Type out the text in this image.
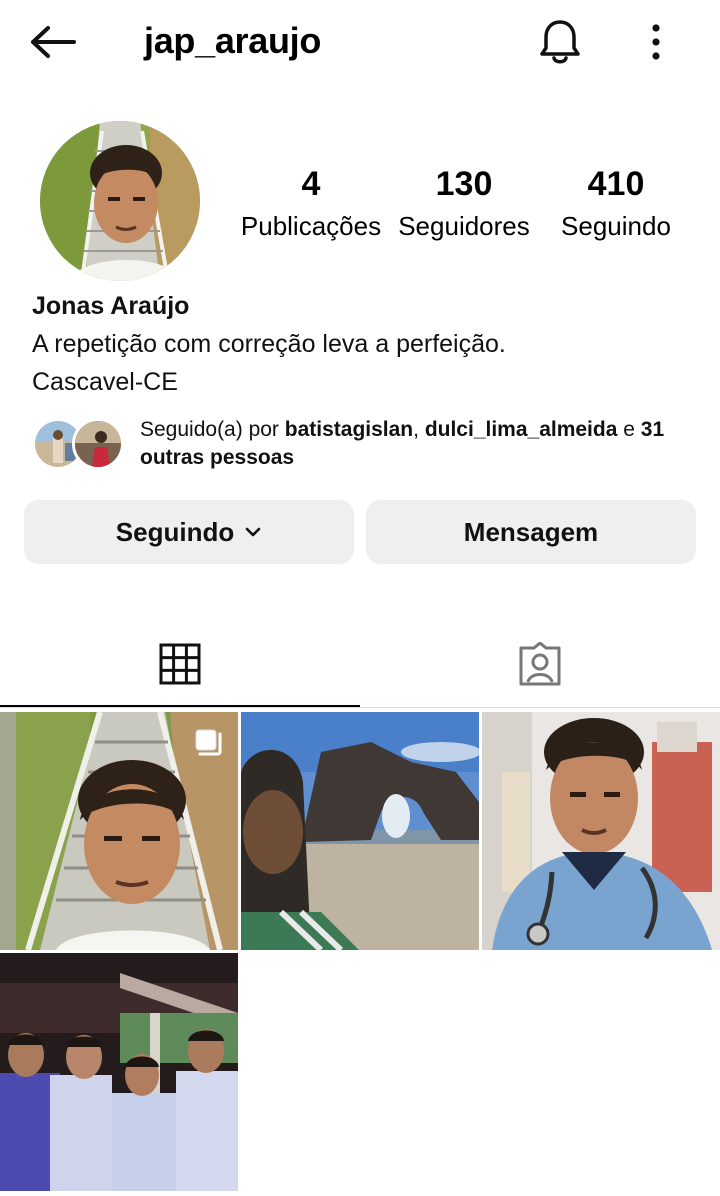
jap_araujo
4
Publicações
130
Seguidores
410
Seguindo
Jonas Araújo
A repetição com correção leva a perfeição.
Cascavel-CE
Seguido(a) por batistagislan, dulci_lima_almeida e 31 outras pessoas
Seguindo	Mensagem
